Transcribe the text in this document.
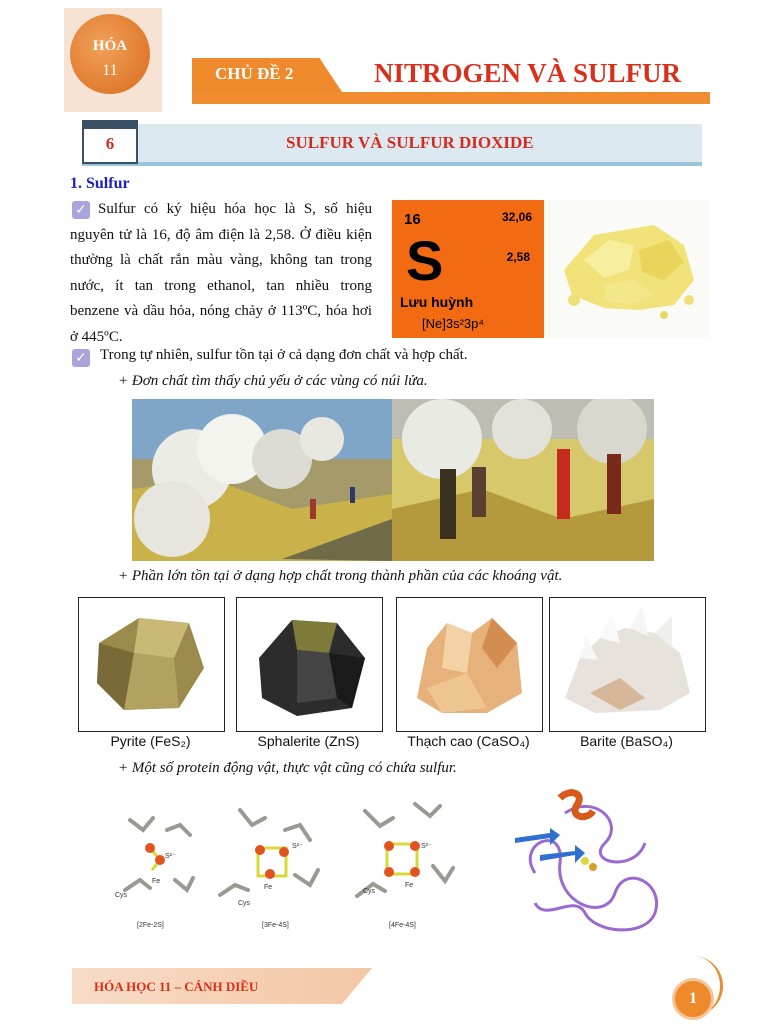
HÓA
11	CHỦ ĐỀ 2	NITROGEN VÀ SULFUR
6	SULFUR VÀ SULFUR DIOXIDE
1. Sulfur
✓ Sulfur có ký hiệu hóa học là S, số hiệu nguyên tử là 16, độ âm điện là 2,58. Ở điều kiện thường là chất rắn màu vàng, không tan trong nước, ít tan trong ethanol, tan nhiều trong benzene và dầu hỏa, nóng chảy ở 113ºC, hóa hơi ở 445ºC.
16	32,06
S	2,58
Lưu huỳnh
[Ne]3s²3p⁴
✓ Trong tự nhiên, sulfur tồn tại ở cả dạng đơn chất và hợp chất.
+ Đơn chất tìm thấy chủ yếu ở các vùng có núi lửa.
+ Phần lớn tồn tại ở dạng hợp chất trong thành phần của các khoáng vật.
Pyrite (FeS₂)	Sphalerite (ZnS)	Thạch cao (CaSO₄)	Barite (BaSO₄)
+ Một số protein động vật, thực vật cũng có chứa sulfur.
Cys
Fe
S²⁻
[2Fe-2S]
Cys
Fe
S²⁻
[3Fe-4S]
Cys
Fe
S²⁻
[4Fe-4S]
HÓA HỌC 11 – CÁNH DIỀU
1
